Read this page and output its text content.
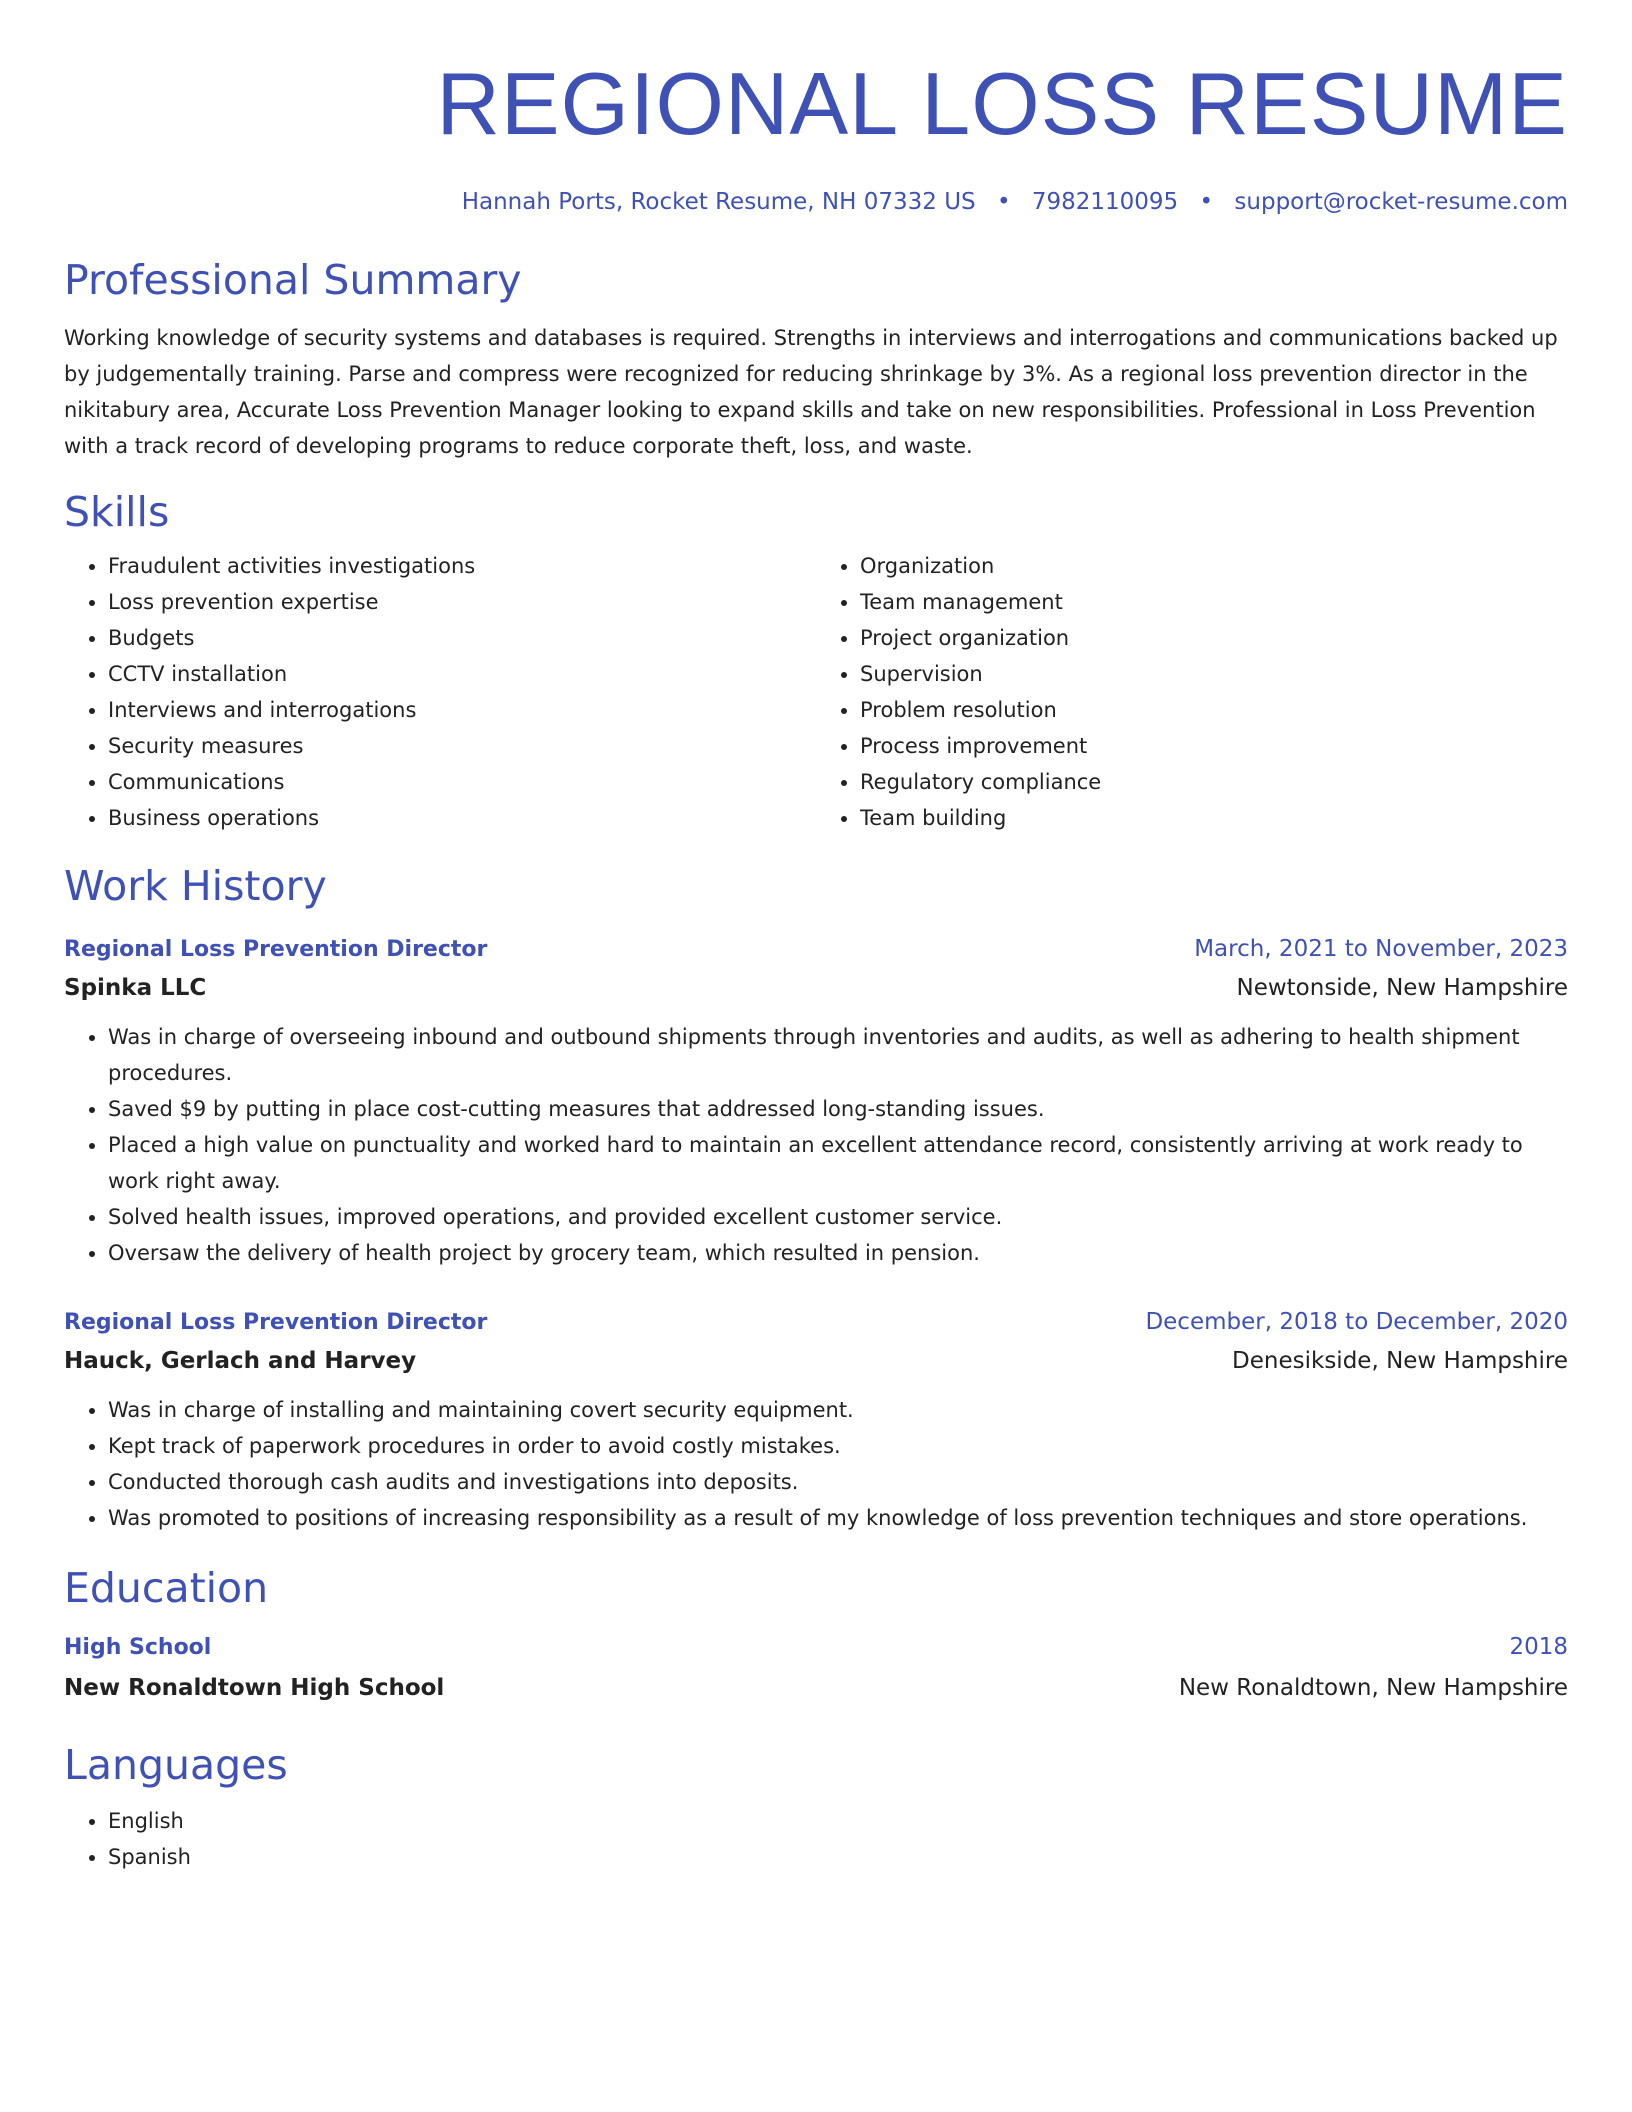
REGIONAL LOSS RESUME
Hannah Ports, Rocket Resume, NH 07332 US • 7982110095 • support@rocket-resume.com
Professional Summary
Working knowledge of security systems and databases is required. Strengths in interviews and interrogations and communications backed up by judgementally training. Parse and compress were recognized for reducing shrinkage by 3%. As a regional loss prevention director in the nikitabury area, Accurate Loss Prevention Manager looking to expand skills and take on new responsibilities. Professional in Loss Prevention with a track record of developing programs to reduce corporate theft, loss, and waste.
Skills
• Fraudulent activities investigations
• Loss prevention expertise
• Budgets
• CCTV installation
• Interviews and interrogations
• Security measures
• Communications
• Business operations
• Organization
• Team management
• Project organization
• Supervision
• Problem resolution
• Process improvement
• Regulatory compliance
• Team building
Work History
Regional Loss Prevention Director	March, 2021 to November, 2023
Spinka LLC	Newtonside, New Hampshire
• Was in charge of overseeing inbound and outbound shipments through inventories and audits, as well as adhering to health shipment procedures.
• Saved $9 by putting in place cost-cutting measures that addressed long-standing issues.
• Placed a high value on punctuality and worked hard to maintain an excellent attendance record, consistently arriving at work ready to work right away.
• Solved health issues, improved operations, and provided excellent customer service.
• Oversaw the delivery of health project by grocery team, which resulted in pension.
Regional Loss Prevention Director	December, 2018 to December, 2020
Hauck, Gerlach and Harvey	Denesikside, New Hampshire
• Was in charge of installing and maintaining covert security equipment.
• Kept track of paperwork procedures in order to avoid costly mistakes.
• Conducted thorough cash audits and investigations into deposits.
• Was promoted to positions of increasing responsibility as a result of my knowledge of loss prevention techniques and store operations.
Education
High School	2018
New Ronaldtown High School	New Ronaldtown, New Hampshire
Languages
• English
• Spanish
